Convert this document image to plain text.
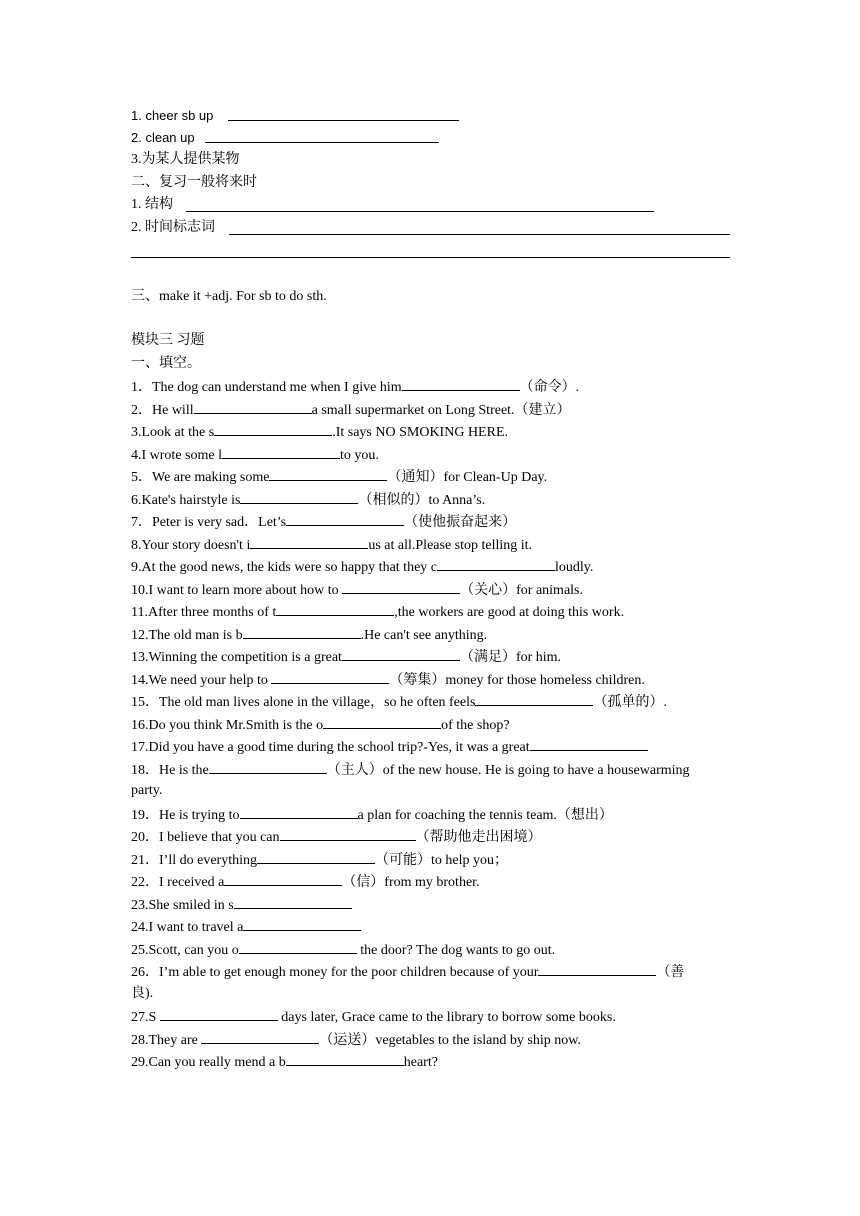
1. cheer sb up
2. clean up
3.为某人提供某物
二、复习一般将来时
1. 结构
2. 时间标志词
三、make it +adj. For sb to do sth.
模块三 习题
一、填空。
1．The dog can understand me when I give him	（命令）.
2．He will	a small supermarket on Long Street.（建立）
3.Look at the s	.It says NO SMOKING HERE.
4.I wrote some l	to you.
5．We are making some	（通知）for Clean-Up Day.
6.Kate's hairstyle is	（相似的）to Anna’s.
7．Peter is very sad．Let’s	（使他振奋起来）
8.Your story doesn't i	us at all.Please stop telling it.
9.At the good news, the kids were so happy that they c	loudly.
10.I want to learn more about how to	（关心）for animals.
11.After three months of t	,the workers are good at doing this work.
12.The old man is b	.He can't see anything.
13.Winning the competition is a great	（满足）for him.
14.We need your help to	（筹集）money for those homeless children.
15．The old man lives alone in the village，so he often feels	（孤单的）.
16.Do you think Mr.Smith is the o	of the shop?
17.Did you have a good time during the school trip?-Yes, it was a great
18．He is the	（主人）of the new house. He is going to have a housewarming
party.
19．He is trying to	a plan for coaching the tennis team.（想出）
20．I believe that you can	（帮助他走出困境）
21．I’ll do everything	（可能）to help you；
22．I received a	（信）from my brother.
23.She smiled in s
24.I want to travel a
25.Scott, can you o	the door? The dog wants to go out.
26．I’m able to get enough money for the poor children because of your	（善
良).
27.S	days later, Grace came to the library to borrow some books.
28.They are	（运送）vegetables to the island by ship now.
29.Can you really mend a b	heart?
